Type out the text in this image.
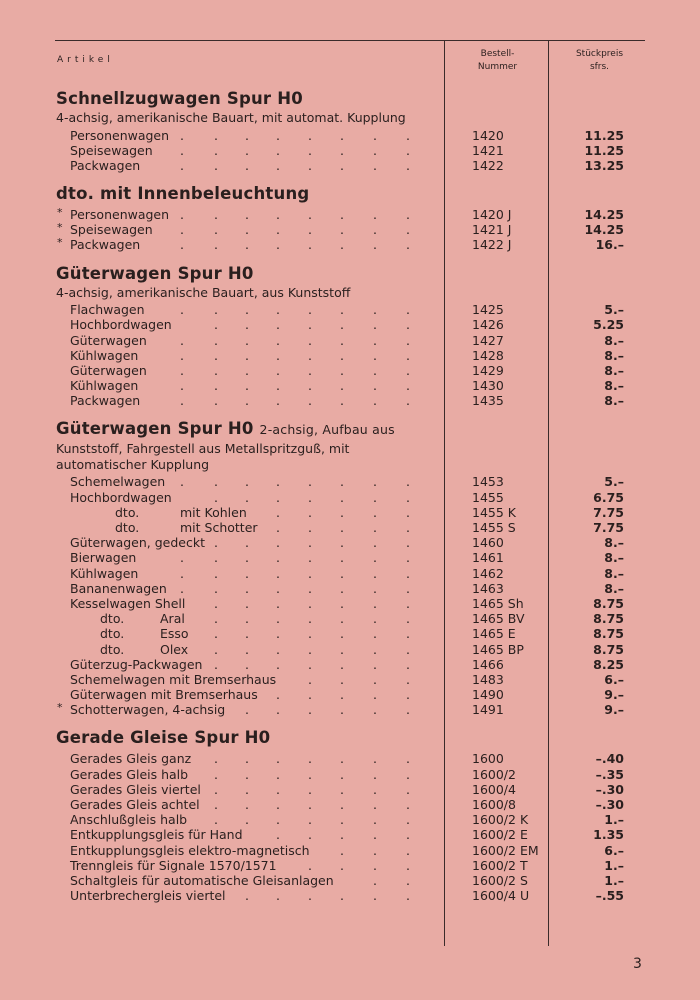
Artikel
Bestell-
Nummer
Stückpreis
sfrs.
Schnellzugwagen Spur H0
4-achsig, amerikanische Bauart, mit automat. Kupplung
Personenwagen	1420	11.25
. . . . . . . .
Speisewagen	1421	11.25
. . . . . . . .
Packwagen	1422	13.25
. . . . . . . .
dto. mit Innenbeleuchtung
* Personenwagen	1420 J	14.25
. . . . . . . .
* Speisewagen	1421 J	14.25
. . . . . . . .
* Packwagen	1422 J	16.–
. . . . . . . .
Güterwagen Spur H0
4-achsig, amerikanische Bauart, aus Kunststoff
Flachwagen	1425	5.–
. . . . . . . .
Hochbordwagen	1426	5.25
. . . . . . .
Güterwagen	1427	8.–
. . . . . . . .
Kühlwagen	1428	8.–
. . . . . . . .
Güterwagen	1429	8.–
. . . . . . . .
Kühlwagen	1430	8.–
. . . . . . . .
Packwagen	1435	8.–
. . . . . . . .
Güterwagen Spur H0 2-achsig, Aufbau aus
Kunststoff, Fahrgestell aus Metallspritzguß, mit automatischer Kupplung
Schemelwagen	1453	5.–
. . . . . . . .
Hochbordwagen	1455	6.75
. . . . . . .
dto.	mit Kohlen	1455 K	7.75
. . . . .
dto.	mit Schotter	1455 S	7.75
. . . . .
Güterwagen, gedeckt	1460	8.–
. . . . . . .
Bierwagen	1461	8.–
. . . . . . . .
Kühlwagen	1462	8.–
. . . . . . . .
Bananenwagen	1463	8.–
. . . . . . . .
Kesselwagen Shell	1465 Sh	8.75
. . . . . . .
dto.	Aral	1465 BV	8.75
. . . . . . .
dto.	Esso	1465 E	8.75
. . . . . . .
dto.	Olex	1465 BP	8.75
. . . . . . .
Güterzug-Packwagen	1466	8.25
. . . . . . .
Schemelwagen mit Bremserhaus	1483	6.–
. . . .
Güterwagen mit Bremserhaus	1490	9.–
. . . . .
* Schotterwagen, 4-achsig	1491	9.–
. . . . . .
Gerade Gleise Spur H0
Gerades Gleis ganz	1600	–.40
. . . . . . .
Gerades Gleis halb	1600/2	–.35
. . . . . . .
Gerades Gleis viertel	1600/4	–.30
. . . . . . .
Gerades Gleis achtel	1600/8	–.30
. . . . . . .
Anschlußgleis halb	1600/2 K	1.–
. . . . . . .
Entkupplungsgleis für Hand	1600/2 E	1.35
. . . . .
Entkupplungsgleis elektro-magnetisch	1600/2 EM	6.–
. . .
Trenngleis für Signale 1570/1571	1600/2 T	1.–
. . . .
Schaltgleis für automatische Gleisanlagen	1600/2 S	1.–
. .
Unterbrechergleis viertel	1600/4 U	–.55
. . . . . .
3
